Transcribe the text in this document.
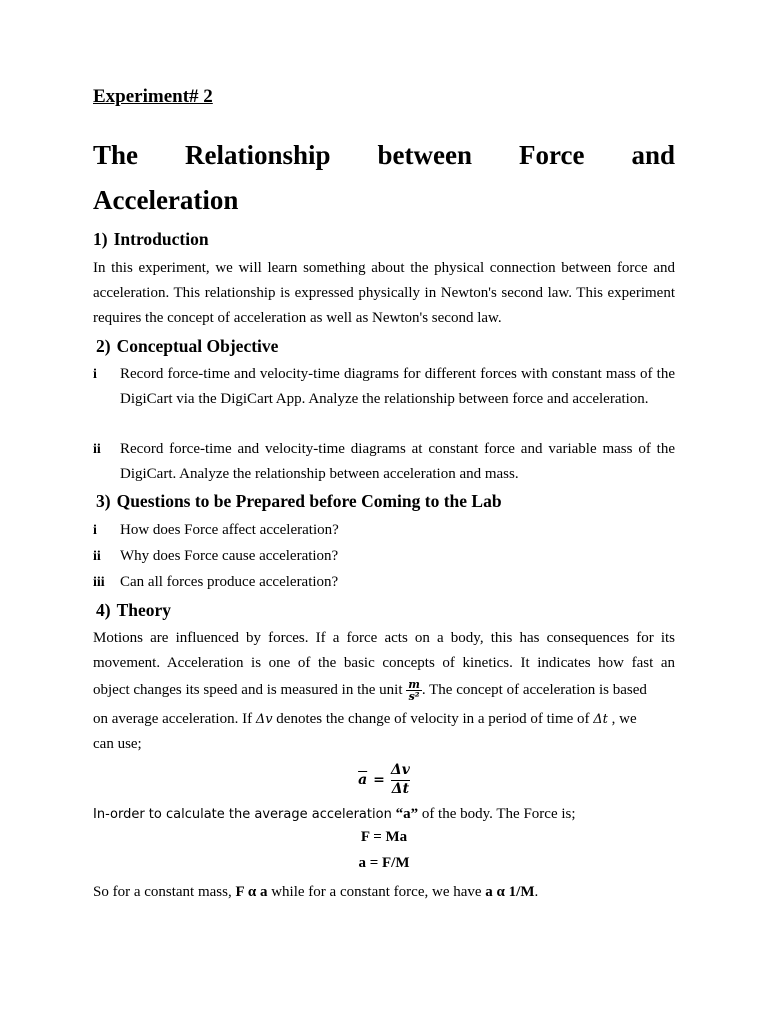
Experiment# 2
The Relationship between Force and
Acceleration
1) Introduction
In this experiment, we will learn something about the physical connection between force and acceleration. This relationship is expressed physically in Newton's second law. This experiment requires the concept of acceleration as well as Newton's second law.
2) Conceptual Objective
i	Record force-time and velocity-time diagrams for different forces with constant mass of the DigiCart via the DigiCart App. Analyze the relationship between force and acceleration.
ii	Record force-time and velocity-time diagrams at constant force and variable mass of the DigiCart. Analyze the relationship between acceleration and mass.
3) Questions to be Prepared before Coming to the Lab
i	How does Force affect acceleration?
ii	Why does Force cause acceleration?
iii	Can all forces produce acceleration?
4) Theory
Motions are influenced by forces. If a force acts on a body, this has consequences for its movement. Acceleration is one of the basic concepts of kinetics. It indicates how fast an
object changes its speed and is measured in the unit $\frac{m}{\text{s²}}$ . The concept of acceleration is based
on average acceleration. If Δv denotes the change of velocity in a period of time of Δt , we
can use;
$\overline{a}$ =
Δv
Δt
In-order to calculate the average acceleration “a” of the body. The Force is;
F = Ma
a = F/M
So for a constant mass, F α a while for a constant force, we have a α 1/M.
